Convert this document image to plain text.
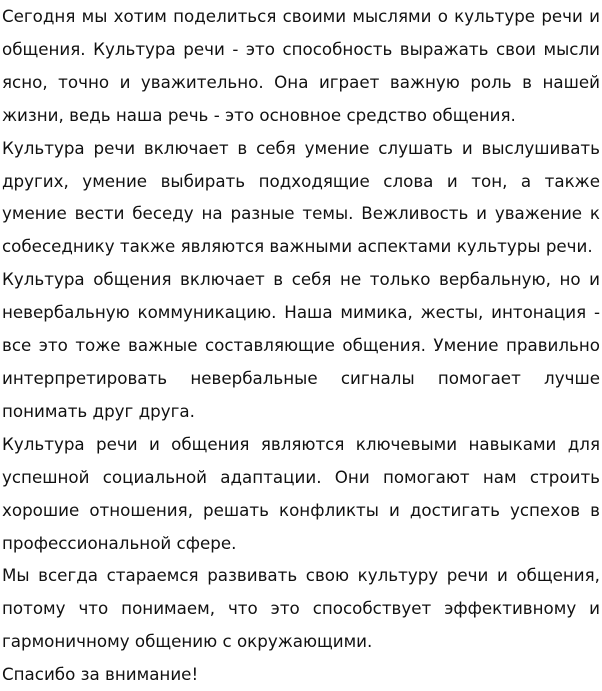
Сегодня мы хотим поделиться своими мыслями о культуре речи и общения. Культура речи - это способность выражать свои мысли ясно, точно и уважительно. Она играет важную роль в нашей жизни, ведь наша речь - это основное средство общения.

Культура речи включает в себя умение слушать и выслушивать других, умение выбирать подходящие слова и тон, а также умение вести беседу на разные темы. Вежливость и уважение к собеседнику также являются важными аспектами культуры речи.

Культура общения включает в себя не только вербальную, но и невербальную коммуникацию. Наша мимика, жесты, интонация - все это тоже важные составляющие общения. Умение правильно интерпретировать невербальные сигналы помогает лучше понимать друг друга.

Культура речи и общения являются ключевыми навыками для успешной социальной адаптации. Они помогают нам строить хорошие отношения, решать конфликты и достигать успехов в профессиональной сфере.

Мы всегда стараемся развивать свою культуру речи и общения, потому что понимаем, что это способствует эффективному и гармоничному общению с окружающими.

Спасибо за внимание!
